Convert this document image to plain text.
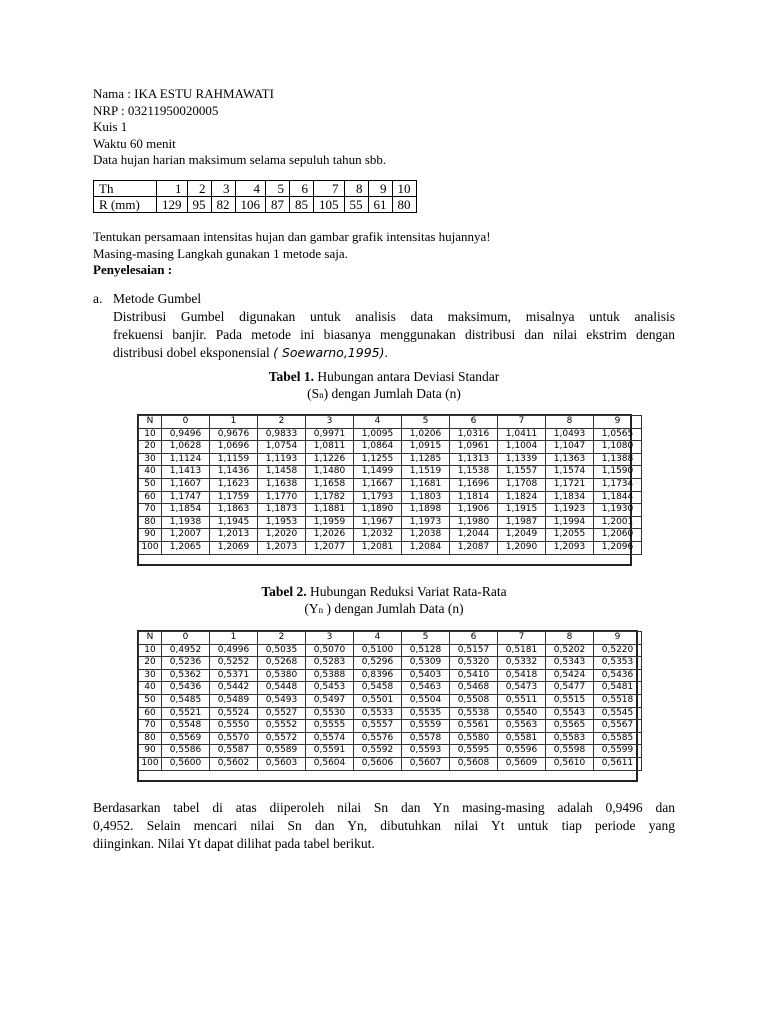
Nama : IKA ESTU RAHMAWATI
NRP : 03211950020005
Kuis 1
Waktu 60 menit
Data hujan harian maksimum selama sepuluh tahun sbb.
Th	1	2	3	4	5	6	7	8	9	10
R (mm)	129	95	82	106	87	85	105	55	61	80
Tentukan persamaan intensitas hujan dan gambar grafik intensitas hujannya!
Masing-masing Langkah gunakan 1 metode saja.
Penyelesaian :
a. Metode Gumbel
Distribusi Gumbel digunakan untuk analisis data maksimum, misalnya untuk analisis
frekuensi banjir. Pada metode ini biasanya menggunakan distribusi dan nilai ekstrim dengan
distribusi dobel eksponensial ( Soewarno,1995).
Tabel 1. Hubungan antara Deviasi Standar
(Sn) dengan Jumlah Data (n)
N	0	1	2	3	4	5	6	7	8	9
10	0,9496	0,9676	0,9833	0,9971	1,0095	1,0206	1,0316	1,0411	1,0493	1,0565
20	1,0628	1,0696	1,0754	1,0811	1,0864	1,0915	1,0961	1,1004	1,1047	1,1080
30	1,1124	1,1159	1,1193	1,1226	1,1255	1,1285	1,1313	1,1339	1,1363	1,1388
40	1,1413	1,1436	1,1458	1,1480	1,1499	1,1519	1,1538	1,1557	1,1574	1,1590
50	1,1607	1,1623	1,1638	1,1658	1,1667	1,1681	1,1696	1,1708	1,1721	1,1734
60	1,1747	1,1759	1,1770	1,1782	1,1793	1,1803	1,1814	1,1824	1,1834	1,1844
70	1,1854	1,1863	1,1873	1,1881	1,1890	1,1898	1,1906	1,1915	1,1923	1,1930
80	1,1938	1,1945	1,1953	1,1959	1,1967	1,1973	1,1980	1,1987	1,1994	1,2001
90	1,2007	1,2013	1,2020	1,2026	1,2032	1,2038	1,2044	1,2049	1,2055	1,2060
100	1,2065	1,2069	1,2073	1,2077	1,2081	1,2084	1,2087	1,2090	1,2093	1,2096
Tabel 2. Hubungan Reduksi Variat Rata-Rata
(Yn ) dengan Jumlah Data (n)
N	0	1	2	3	4	5	6	7	8	9
10	0,4952	0,4996	0,5035	0,5070	0,5100	0,5128	0,5157	0,5181	0,5202	0,5220
20	0,5236	0,5252	0,5268	0,5283	0,5296	0,5309	0,5320	0,5332	0,5343	0,5353
30	0,5362	0,5371	0,5380	0,5388	0,8396	0,5403	0,5410	0,5418	0,5424	0,5436
40	0,5436	0,5442	0,5448	0,5453	0,5458	0,5463	0,5468	0,5473	0,5477	0,5481
50	0,5485	0,5489	0,5493	0,5497	0,5501	0,5504	0,5508	0,5511	0,5515	0,5518
60	0,5521	0,5524	0,5527	0,5530	0,5533	0,5535	0,5538	0,5540	0,5543	0,5545
70	0,5548	0,5550	0,5552	0,5555	0,5557	0,5559	0,5561	0,5563	0,5565	0,5567
80	0,5569	0,5570	0,5572	0,5574	0,5576	0,5578	0,5580	0,5581	0,5583	0,5585
90	0,5586	0,5587	0,5589	0,5591	0,5592	0,5593	0,5595	0,5596	0,5598	0,5599
100	0,5600	0,5602	0,5603	0,5604	0,5606	0,5607	0,5608	0,5609	0,5610	0,5611
Berdasarkan tabel di atas diiperoleh nilai Sn dan Yn masing-masing adalah 0,9496 dan
0,4952. Selain mencari nilai Sn dan Yn, dibutuhkan nilai Yt untuk tiap periode yang
diinginkan. Nilai Yt dapat dilihat pada tabel berikut.
